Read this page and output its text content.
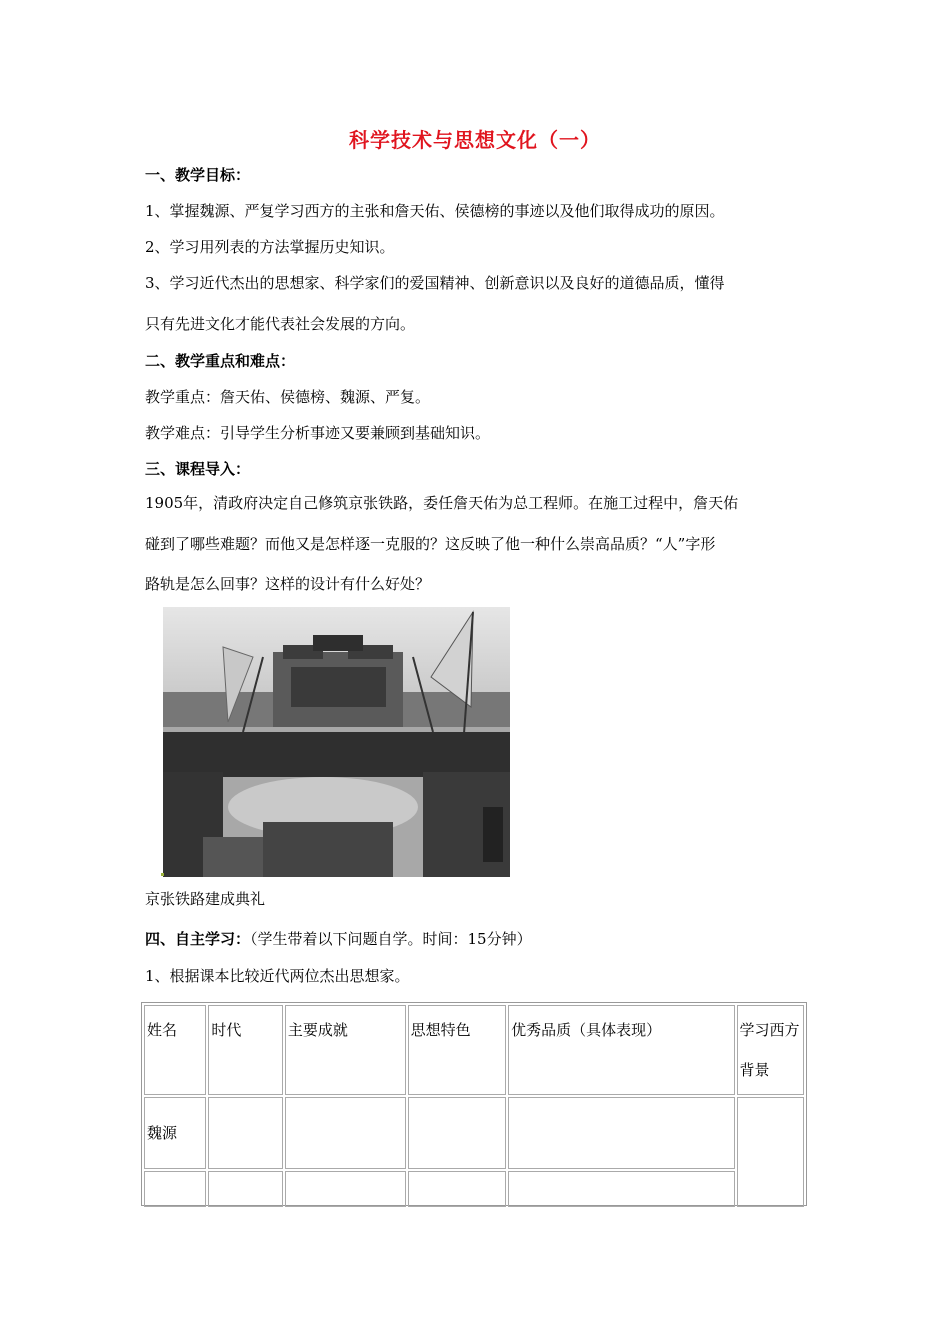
科学技术与思想文化（一）
一、教学目标：
1、掌握魏源、严复学习西方的主张和詹天佑、侯德榜的事迹以及他们取得成功的原因。
2、学习用列表的方法掌握历史知识。
3、学习近代杰出的思想家、科学家们的爱国精神、创新意识以及良好的道德品质，懂得
只有先进文化才能代表社会发展的方向。
二、教学重点和难点：
教学重点：詹天佑、侯德榜、魏源、严复。
教学难点：引导学生分析事迹又要兼顾到基础知识。
三、课程导入：
1905年，清政府决定自己修筑京张铁路，委任詹天佑为总工程师。在施工过程中，詹天佑
碰到了哪些难题？而他又是怎样逐一克服的？这反映了他一种什么崇高品质？“人”字形
路轨是怎么回事？这样的设计有什么好处？
京张铁路建成典礼
四、自主学习：（学生带着以下问题自学。时间：15分钟）
1、根据课本比较近代两位杰出思想家。
姓名	时代	主要成就	思想特色	优秀品质（具体表现）	学习西方背景
魏源					
